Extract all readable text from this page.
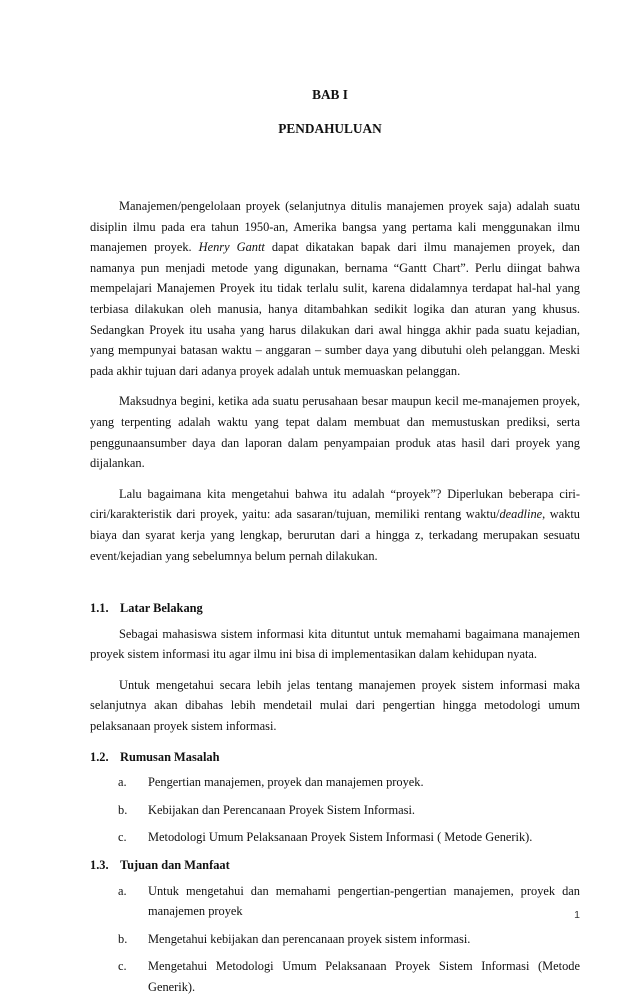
BAB I
PENDAHULUAN

Manajemen/pengelolaan proyek (selanjutnya ditulis manajemen proyek saja) adalah suatu disiplin ilmu pada era tahun 1950-an, Amerika bangsa yang pertama kali menggunakan ilmu manajemen proyek. Henry Gantt dapat dikatakan bapak dari ilmu manajemen proyek, dan namanya pun menjadi metode yang digunakan, bernama “Gantt Chart”. Perlu diingat bahwa mempelajari Manajemen Proyek itu tidak terlalu sulit, karena didalamnya terdapat hal-hal yang terbiasa dilakukan oleh manusia, hanya ditambahkan sedikit logika dan aturan yang khusus. Sedangkan Proyek itu usaha yang harus dilakukan dari awal hingga akhir pada suatu kejadian, yang mempunyai batasan waktu – anggaran – sumber daya yang dibutuhi oleh pelanggan. Meski pada akhir tujuan dari adanya proyek adalah untuk memuaskan pelanggan.

Maksudnya begini, ketika ada suatu perusahaan besar maupun kecil me-manajemen proyek, yang terpenting adalah waktu yang tepat dalam membuat dan memustuskan prediksi, serta penggunaansumber daya dan laporan dalam penyampaian produk atas hasil dari proyek yang dijalankan.

Lalu bagaimana kita mengetahui bahwa itu adalah “proyek”? Diperlukan beberapa ciri-ciri/karakteristik dari proyek, yaitu: ada sasaran/tujuan, memiliki rentang waktu/deadline, waktu biaya dan syarat kerja yang lengkap, berurutan dari a hingga z, terkadang merupakan sesuatu event/kejadian yang sebelumnya belum pernah dilakukan.

1.1. Latar Belakang

Sebagai mahasiswa sistem informasi kita dituntut untuk memahami bagaimana manajemen proyek sistem informasi itu agar ilmu ini bisa di implementasikan dalam kehidupan nyata.

Untuk mengetahui secara lebih jelas tentang manajemen proyek sistem informasi maka selanjutnya akan dibahas lebih mendetail mulai dari pengertian hingga metodologi umum pelaksanaan proyek sistem informasi.

1.2. Rumusan Masalah
a.	Pengertian manajemen, proyek dan manajemen proyek.
b.	Kebijakan dan Perencanaan Proyek Sistem Informasi.
c.	Metodologi Umum Pelaksanaan Proyek Sistem Informasi ( Metode Generik).
1.3. Tujuan dan Manfaat
a.	Untuk mengetahui dan memahami pengertian-pengertian manajemen, proyek dan manajemen proyek
b.	Mengetahui kebijakan dan perencanaan proyek sistem informasi.
c.	Mengetahui Metodologi Umum Pelaksanaan Proyek Sistem Informasi (Metode Generik).
1
